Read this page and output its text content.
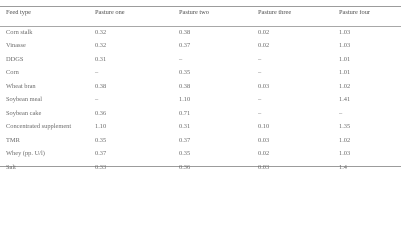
Feed type	Pasture one	Pasture two	Pasture three	Pasture four
Corn stalk	0.32	0.38	0.02	1.03
Vinasse	0.32	0.37	0.02	1.03
DDGS	0.31	–	–	1.01
Corn	–	0.35	–	1.01
Wheat bran	0.38	0.38	0.03	1.02
Soybean meal	–	1.10	–	1.41
Soybean cake	0.36	0.71	–	–
Concentrated supplement	1.10	0.31	0.10	1.35
TMR	0.35	0.37	0.03	1.02
Whey (pp. U/l)	0.37	0.35	0.02	1.03
Salt	0.33	0.36	0.03	1.4
